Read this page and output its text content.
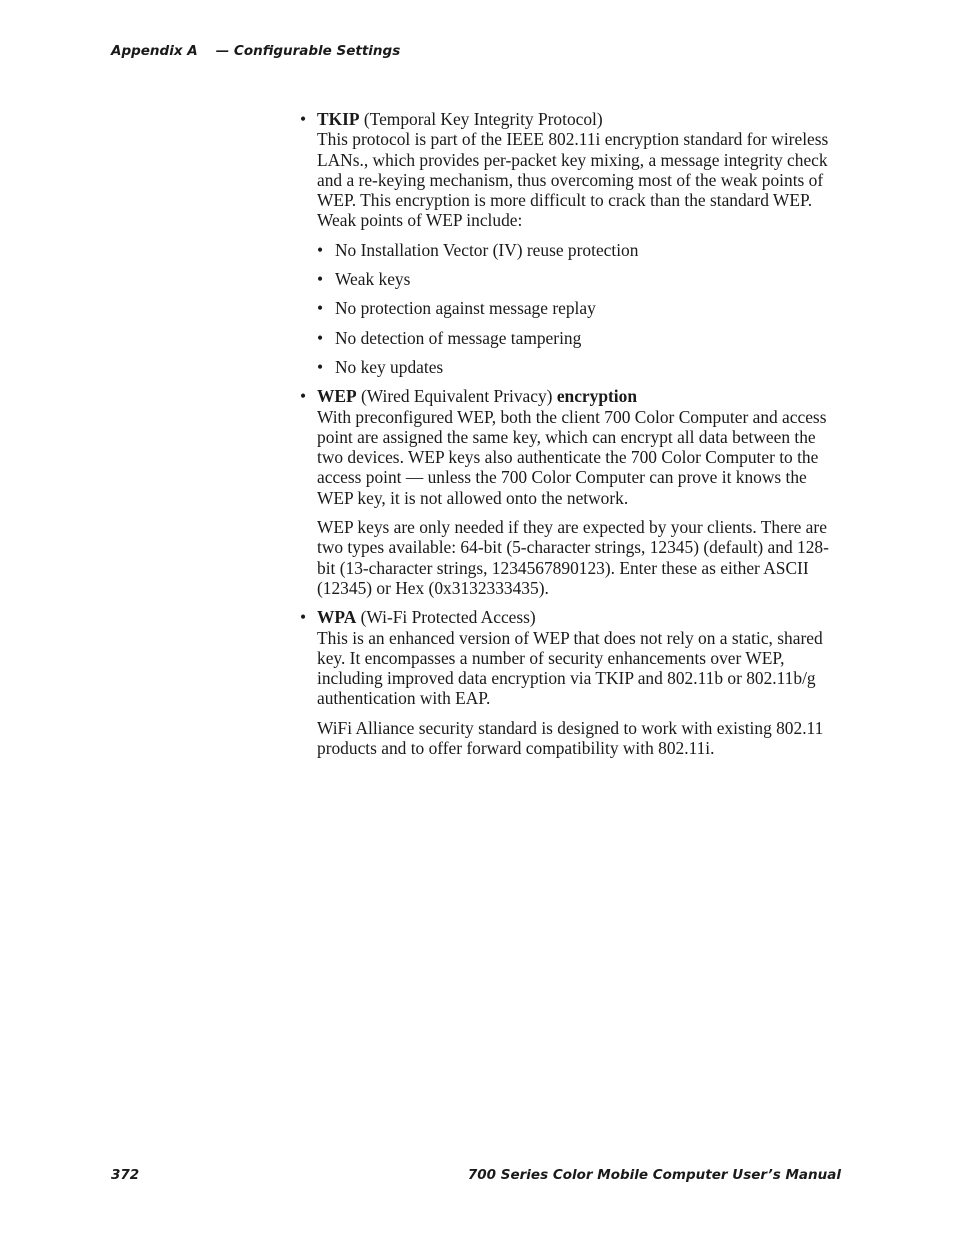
Appendix A — Configurable Settings
• TKIP (Temporal Key Integrity Protocol)
This protocol is part of the IEEE 802.11i encryption standard for wireless LANs., which provides per-packet key mixing, a message integrity check and a re-keying mechanism, thus overcoming most of the weak points of WEP. This encryption is more difficult to crack than the standard WEP. Weak points of WEP include:

• No Installation Vector (IV) reuse protection
• Weak keys
• No protection against message replay
• No detection of message tampering
• No key updates
• WEP (Wired Equivalent Privacy) encryption
With preconfigured WEP, both the client 700 Color Computer and access point are assigned the same key, which can encrypt all data between the two devices. WEP keys also authenticate the 700 Color Computer to the access point — unless the 700 Color Computer can prove it knows the WEP key, it is not allowed onto the network.

WEP keys are only needed if they are expected by your clients. There are two types available: 64-bit (5-character strings, 12345) (default) and 128-bit (13-character strings, 1234567890123). Enter these as either ASCII (12345) or Hex (0x3132333435).

• WPA (Wi-Fi Protected Access)
This is an enhanced version of WEP that does not rely on a static, shared key. It encompasses a number of security enhancements over WEP, including improved data encryption via TKIP and 802.11b or 802.11b/g authentication with EAP.

WiFi Alliance security standard is designed to work with existing 802.11 products and to offer forward compatibility with 802.11i.

372	700 Series Color Mobile Computer User’s Manual
